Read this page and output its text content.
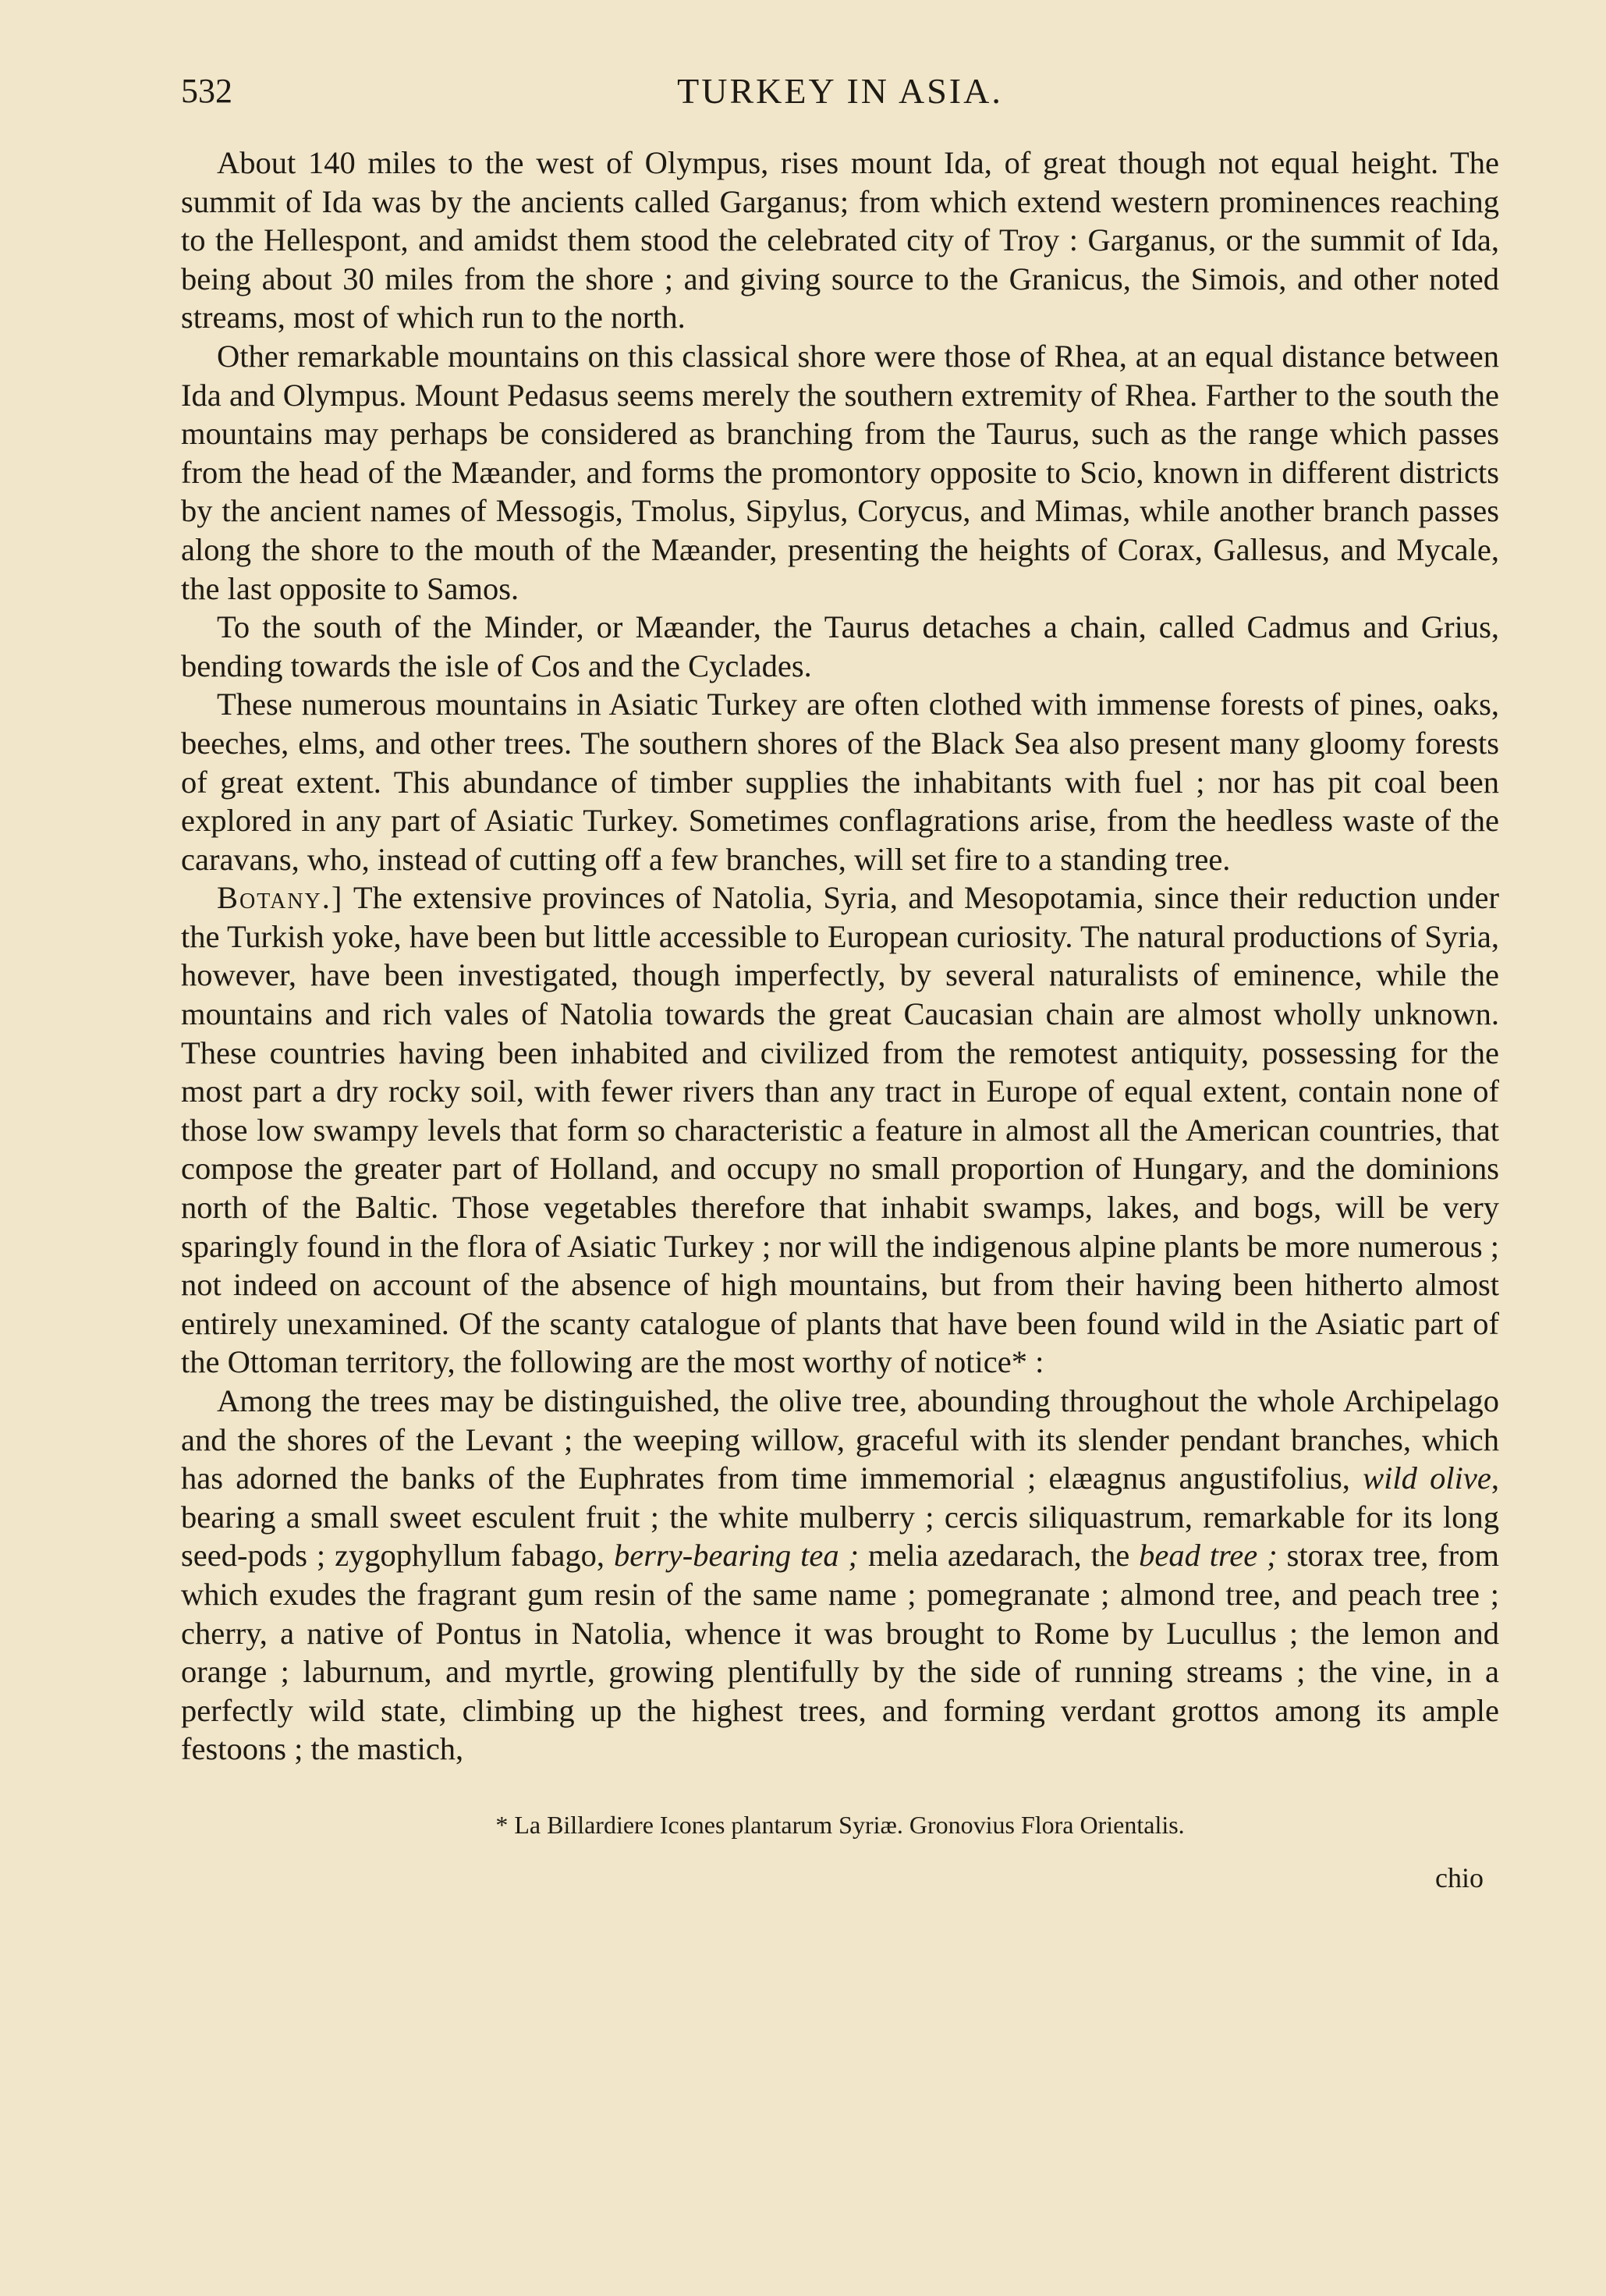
532	TURKEY IN ASIA.

About 140 miles to the west of Olympus, rises mount Ida, of great though not equal height. The summit of Ida was by the ancients called Garganus; from which extend western prominences reaching to the Hellespont, and amidst them stood the celebrated city of Troy : Garganus, or the summit of Ida, being about 30 miles from the shore ; and giving source to the Granicus, the Simois, and other noted streams, most of which run to the north.

Other remarkable mountains on this classical shore were those of Rhea, at an equal distance between Ida and Olympus. Mount Pedasus seems merely the southern extremity of Rhea. Farther to the south the mountains may perhaps be considered as branching from the Taurus, such as the range which passes from the head of the Mæander, and forms the promontory opposite to Scio, known in different districts by the ancient names of Messogis, Tmolus, Sipylus, Corycus, and Mimas, while another branch passes along the shore to the mouth of the Mæander, presenting the heights of Corax, Gallesus, and Mycale, the last opposite to Samos.

To the south of the Minder, or Mæander, the Taurus detaches a chain, called Cadmus and Grius, bending towards the isle of Cos and the Cyclades.

These numerous mountains in Asiatic Turkey are often clothed with immense forests of pines, oaks, beeches, elms, and other trees. The southern shores of the Black Sea also present many gloomy forests of great extent. This abundance of timber supplies the inhabitants with fuel ; nor has pit coal been explored in any part of Asiatic Turkey. Sometimes conflagrations arise, from the heedless waste of the caravans, who, instead of cutting off a few branches, will set fire to a standing tree.

Botany.] The extensive provinces of Natolia, Syria, and Mesopotamia, since their reduction under the Turkish yoke, have been but little accessible to European curiosity. The natural productions of Syria, however, have been investigated, though imperfectly, by several naturalists of eminence, while the mountains and rich vales of Natolia towards the great Caucasian chain are almost wholly unknown. These countries having been inhabited and civilized from the remotest antiquity, possessing for the most part a dry rocky soil, with fewer rivers than any tract in Europe of equal extent, contain none of those low swampy levels that form so characteristic a feature in almost all the American countries, that compose the greater part of Holland, and occupy no small proportion of Hungary, and the dominions north of the Baltic. Those vegetables therefore that inhabit swamps, lakes, and bogs, will be very sparingly found in the flora of Asiatic Turkey ; nor will the indigenous alpine plants be more numerous ; not indeed on account of the absence of high mountains, but from their having been hitherto almost entirely unexamined. Of the scanty catalogue of plants that have been found wild in the Asiatic part of the Ottoman territory, the following are the most worthy of notice* :

Among the trees may be distinguished, the olive tree, abounding throughout the whole Archipelago and the shores of the Levant ; the weeping willow, graceful with its slender pendant branches, which has adorned the banks of the Euphrates from time immemorial ; elæagnus angustifolius, wild olive, bearing a small sweet esculent fruit ; the white mulberry ; cercis siliquastrum, remarkable for its long seed-pods ; zygophyllum fabago, berry-bearing tea ; melia azedarach, the bead tree ; storax tree, from which exudes the fragrant gum resin of the same name ; pomegranate ; almond tree, and peach tree ; cherry, a native of Pontus in Natolia, whence it was brought to Rome by Lucullus ; the lemon and orange ; laburnum, and myrtle, growing plentifully by the side of running streams ; the vine, in a perfectly wild state, climbing up the highest trees, and forming verdant grottos among its ample festoons ; the mastich,

* La Billardiere Icones plantarum Syriæ. Gronovius Flora Orientalis.
chio
